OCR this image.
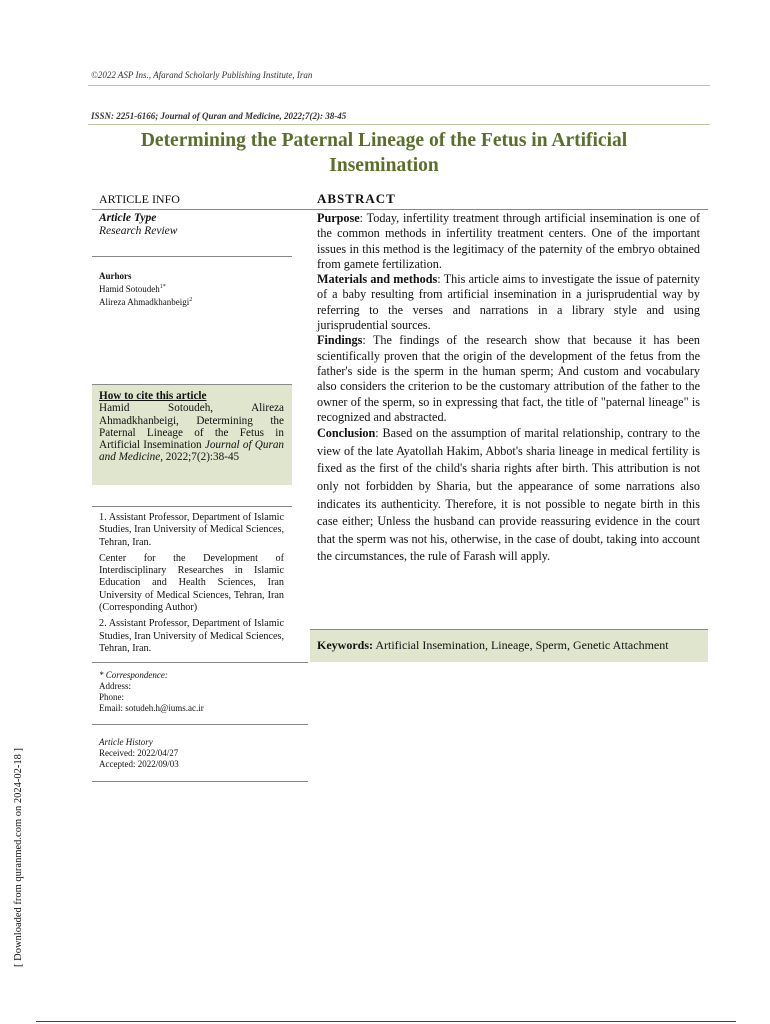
©2022 ASP Ins., Afarand Scholarly Publishing Institute, Iran
ISSN: 2251-6166; Journal of Quran and Medicine, 2022;7(2): 38-45
Determining the Paternal Lineage of the Fetus in Artificial
Insemination
ARTICLE INFO
Article Type
Research Review
Aurhors
Hamid Sotoudeh$^{1*}$
Alireza Ahmadkhanbeigi$^2$
How to cite this article
Hamid Sotoudeh, Alireza Ahmadkhanbeigi, Determining the Paternal Lineage of the Fetus in Artificial Insemination Journal of Quran and Medicine, 2022;7(2):38-45
1. Assistant Professor, Department of Islamic Studies, Iran University of Medical Sciences, Tehran, Iran.
Center for the Development of Interdisciplinary Researches in Islamic Education and Health Sciences, Iran University of Medical Sciences, Tehran, Iran (Corresponding Author)
2. Assistant Professor, Department of Islamic Studies, Iran University of Medical Sciences, Tehran, Iran.
* Correspondence:
Address:
Phone:
Email: sotudeh.h@iums.ac.ir
Article History
Received: 2022/04/27
Accepted: 2022/09/03
ABSTRACT

Purpose: Today, infertility treatment through artificial insemination is one of the common methods in infertility treatment centers. One of the important issues in this method is the legitimacy of the paternity of the embryo obtained from gamete fertilization.

Materials and methods: This article aims to investigate the issue of paternity of a baby resulting from artificial insemination in a jurisprudential way by referring to the verses and narrations in a library style and using jurisprudential sources.

Findings: The findings of the research show that because it has been scientifically proven that the origin of the development of the fetus from the father's side is the sperm in the human sperm; And custom and vocabulary also considers the criterion to be the customary attribution of the father to the owner of the sperm, so in expressing that fact, the title of "paternal lineage" is recognized and abstracted.

Conclusion: Based on the assumption of marital relationship, contrary to the view of the late Ayatollah Hakim, Abbot's sharia lineage in medical fertility is fixed as the first of the child's sharia rights after birth. This attribution is not only not forbidden by Sharia, but the appearance of some narrations also indicates its authenticity. Therefore, it is not possible to negate birth in this case either; Unless the husband can provide reassuring evidence in the court that the sperm was not his, otherwise, in the case of doubt, taking into account the circumstances, the rule of Farash will apply.

Keywords: Artificial Insemination, Lineage, Sperm, Genetic Attachment
[ Downloaded from quranmed.com on 2024-02-18 ]
